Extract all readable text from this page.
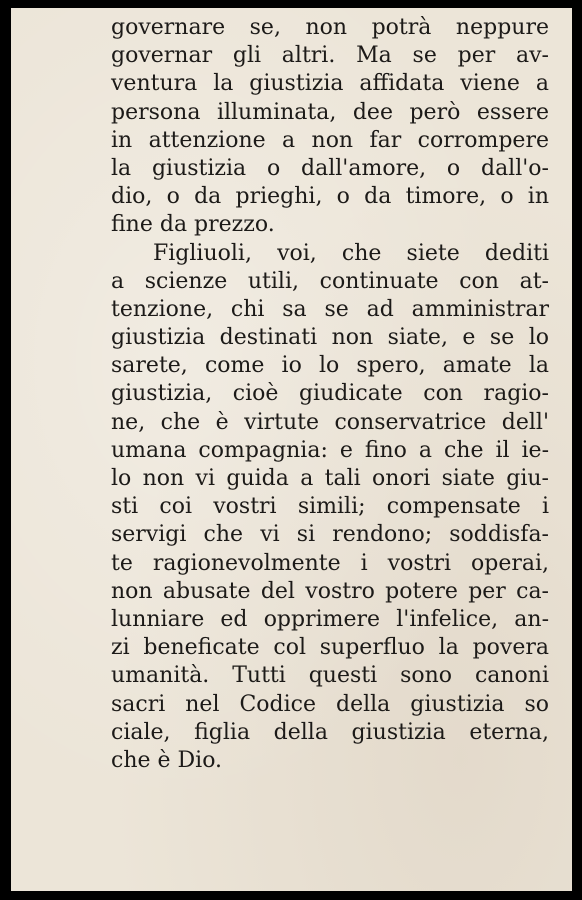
governare se, non potrà neppure
governar gli altri. Ma se per av-
ventura la giustizia affidata viene a
persona illuminata, dee però essere
in attenzione a non far corrompere
la giustizia o dall'amore, o dall'o-
dio, o da prieghi, o da timore, o in
fine da prezzo.
Figliuoli, voi, che siete dediti
a scienze utili, continuate con at-
tenzione, chi sa se ad amministrar
giustizia destinati non siate, e se lo
sarete, come io lo spero, amate la
giustizia, cioè giudicate con ragio-
ne, che è virtute conservatrice dell'
umana compagnia: e fino a che il ie-
lo non vi guida a tali onori siate giu-
sti coi vostri simili; compensate i
servigi che vi si rendono; soddisfa-
te ragionevolmente i vostri operai,
non abusate del vostro potere per ca-
lunniare ed opprimere l'infelice, an-
zi beneficate col superfluo la povera
umanità. Tutti questi sono canoni
sacri nel Codice della giustizia so
ciale, figlia della giustizia eterna,
che è Dio.
